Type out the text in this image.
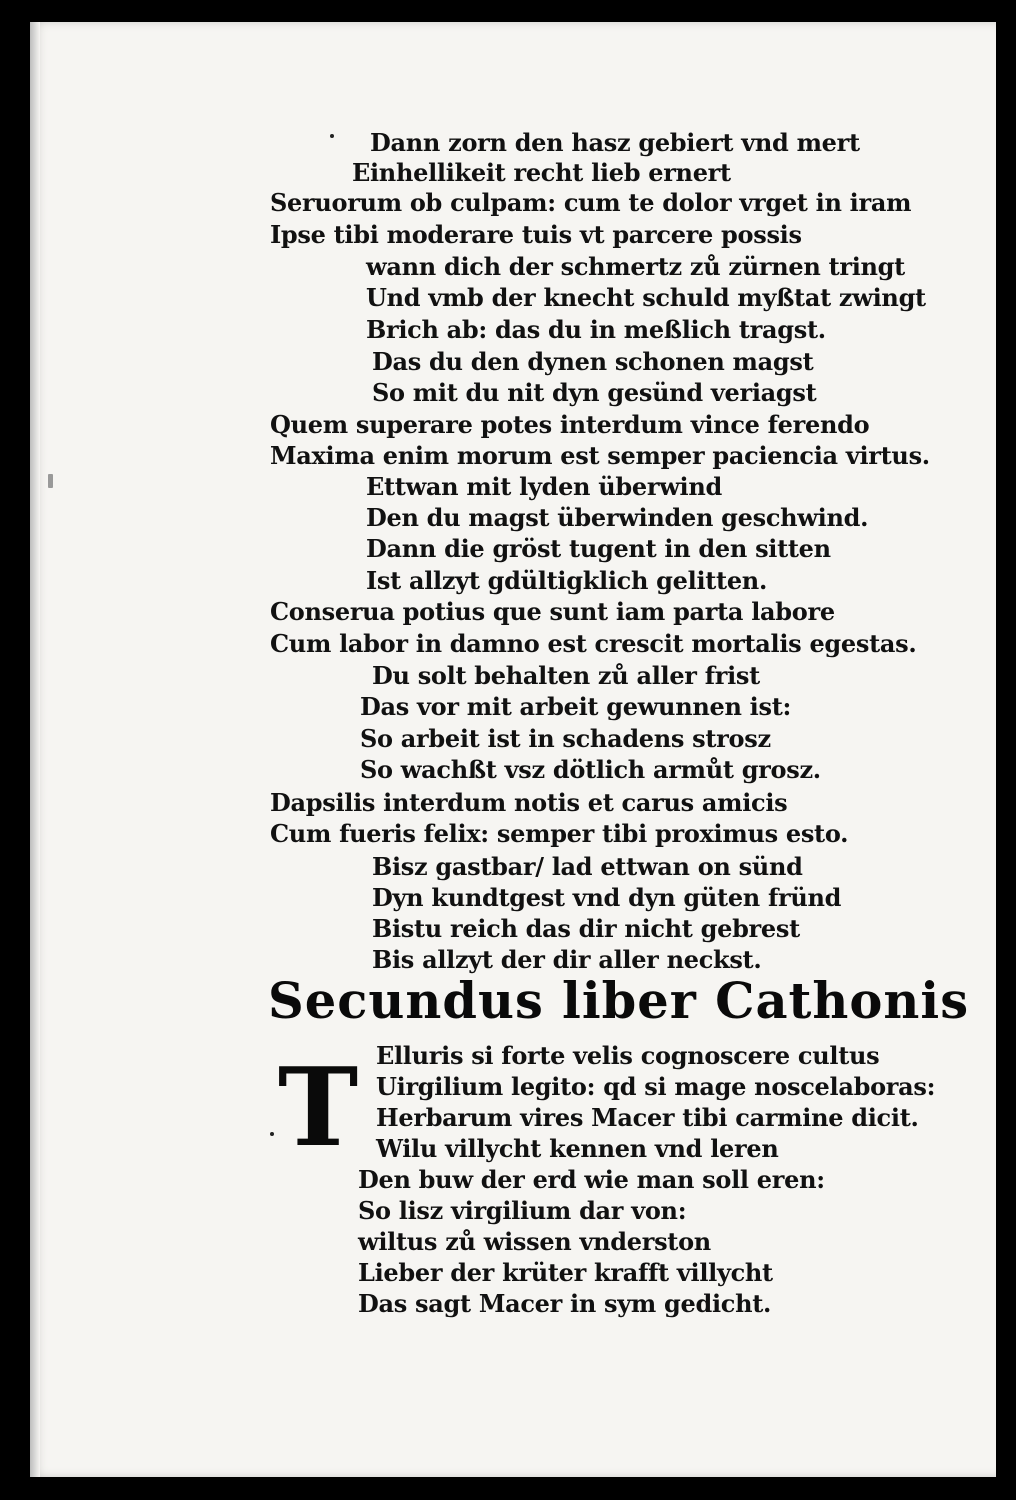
Dann zorn den hasz gebiert vnd mert
Einhellikeit recht lieb ernert
Seruorum ob culpam: cum te dolor vrget in iram
Ipse tibi moderare tuis vt parcere possis
wann dich der schmertz zů zürnen tringt
Und vmb der knecht schuld myßtat zwingt
Brich ab: das du in meßlich tragst.
Das du den dynen schonen magst
So mit du nit dyn gesünd veriagst
Quem superare potes interdum vince ferendo
Maxima enim morum est semper paciencia virtus.
Ettwan mit lyden überwind
Den du magst überwinden geschwind.
Dann die gröst tugent in den sitten
Ist allzyt gdültigklich gelitten.
Conserua potius que sunt iam parta labore
Cum labor in damno est crescit mortalis egestas.
Du solt behalten zů aller frist
Das vor mit arbeit gewunnen ist:
So arbeit ist in schadens strosz
So wachßt vsz dötlich armůt grosz.
Dapsilis interdum notis et carus amicis
Cum fueris felix: semper tibi proximus esto.
Bisz gastbar/ lad ettwan on sünd
Dyn kundtgest vnd dyn güten fründ
Bistu reich das dir nicht gebrest
Bis allzyt der dir aller neckst.
Secundus liber Cathonis
T Elluris si forte velis cognoscere cultus
Uirgilium legito: qd si mage noscelaboras:
Herbarum vires Macer tibi carmine dicit.
Wilu villycht kennen vnd leren
Den buw der erd wie man soll eren:
So lisz virgilium dar von:
wiltus zů wissen vnderston
Lieber der krüter krafft villycht
Das sagt Macer in sym gedicht.
